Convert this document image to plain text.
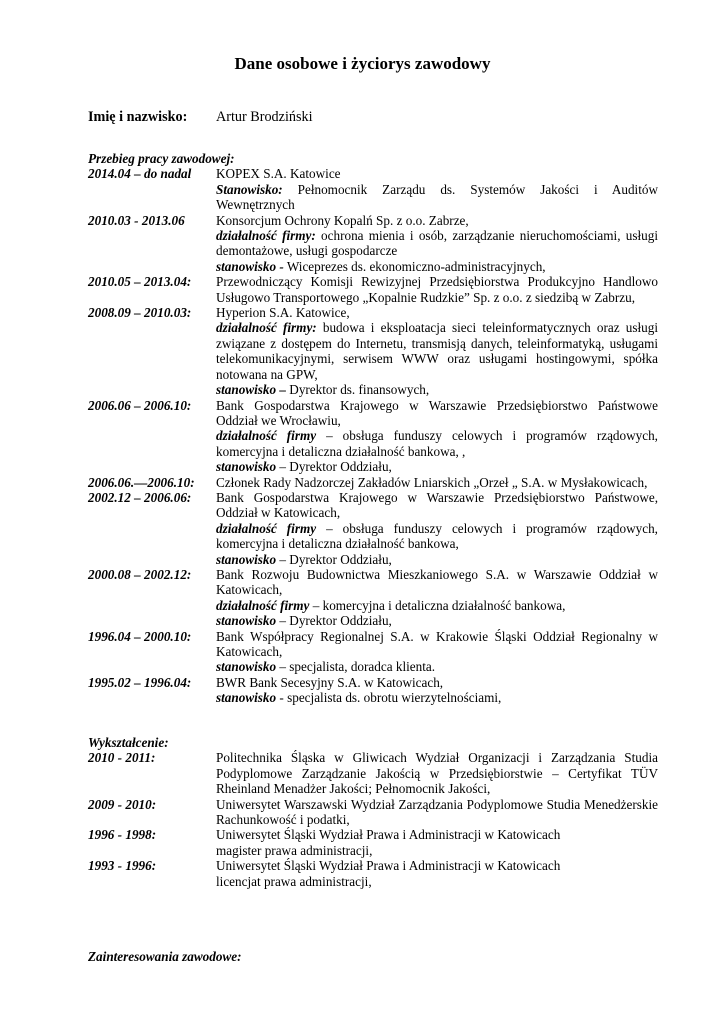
Dane osobowe i życiorys zawodowy
Imię i nazwisko: Artur Brodziński
Przebieg pracy zawodowej:
2014.04 – do nadal	KOPEX S.A. Katowice

Stanowisko: Pełnomocnik Zarządu ds. Systemów Jakości i Auditów Wewnętrznych

2010.03 - 2013.06	Konsorcjum Ochrony Kopalń Sp. z o.o. Zabrze,

działalność firmy: ochrona mienia i osób, zarządzanie nieruchomościami, usługi demontażowe, usługi gospodarcze

stanowisko - Wiceprezes ds. ekonomiczno-administracyjnych,

2010.05 – 2013.04:	Przewodniczący Komisji Rewizyjnej Przedsiębiorstwa Produkcyjno Handlowo Usługowo Transportowego „Kopalnie Rudzkie” Sp. z o.o. z siedzibą w Zabrzu,

2008.09 – 2010.03:	Hyperion S.A. Katowice,

działalność firmy: budowa i eksploatacja sieci teleinformatycznych oraz usługi związane z dostępem do Internetu, transmisją danych, teleinformatyką, usługami telekomunikacyjnymi, serwisem WWW oraz usługami hostingowymi, spółka notowana na GPW,

stanowisko – Dyrektor ds. finansowych,

2006.06 – 2006.10:	Bank Gospodarstwa Krajowego w Warszawie Przedsiębiorstwo Państwowe Oddział we Wrocławiu,

działalność firmy – obsługa funduszy celowych i programów rządowych, komercyjna i detaliczna działalność bankowa, ,

stanowisko – Dyrektor Oddziału,

2006.06.—2006.10:	Członek Rady Nadzorczej Zakładów Lniarskich „Orzeł „ S.A. w Mysłakowicach,

2002.12 – 2006.06:	Bank Gospodarstwa Krajowego w Warszawie Przedsiębiorstwo Państwowe, Oddział w Katowicach,

działalność firmy – obsługa funduszy celowych i programów rządowych, komercyjna i detaliczna działalność bankowa,

stanowisko – Dyrektor Oddziału,

2000.08 – 2002.12:	Bank Rozwoju Budownictwa Mieszkaniowego S.A. w Warszawie Oddział w Katowicach,

działalność firmy – komercyjna i detaliczna działalność bankowa,

stanowisko – Dyrektor Oddziału,

1996.04 – 2000.10:	Bank Współpracy Regionalnej S.A. w Krakowie Śląski Oddział Regionalny w Katowicach,

stanowisko – specjalista, doradca klienta.

1995.02 – 1996.04:	BWR Bank Secesyjny S.A. w Katowicach,

stanowisko - specjalista ds. obrotu wierzytelnościami,

Wykształcenie:
2010 - 2011:	Politechnika Śląska w Gliwicach Wydział Organizacji i Zarządzania Studia Podyplomowe Zarządzanie Jakością w Przedsiębiorstwie – Certyfikat TÜV Rheinland Menadżer Jakości; Pełnomocnik Jakości,

2009 - 2010:	Uniwersytet Warszawski Wydział Zarządzania Podyplomowe Studia Menedżerskie Rachunkowość i podatki,

1996 - 1998:	Uniwersytet Śląski Wydział Prawa i Administracji w Katowicach

magister prawa administracji,

1993 - 1996:	Uniwersytet Śląski Wydział Prawa i Administracji w Katowicach

licencjat prawa administracji,

Zainteresowania zawodowe:
